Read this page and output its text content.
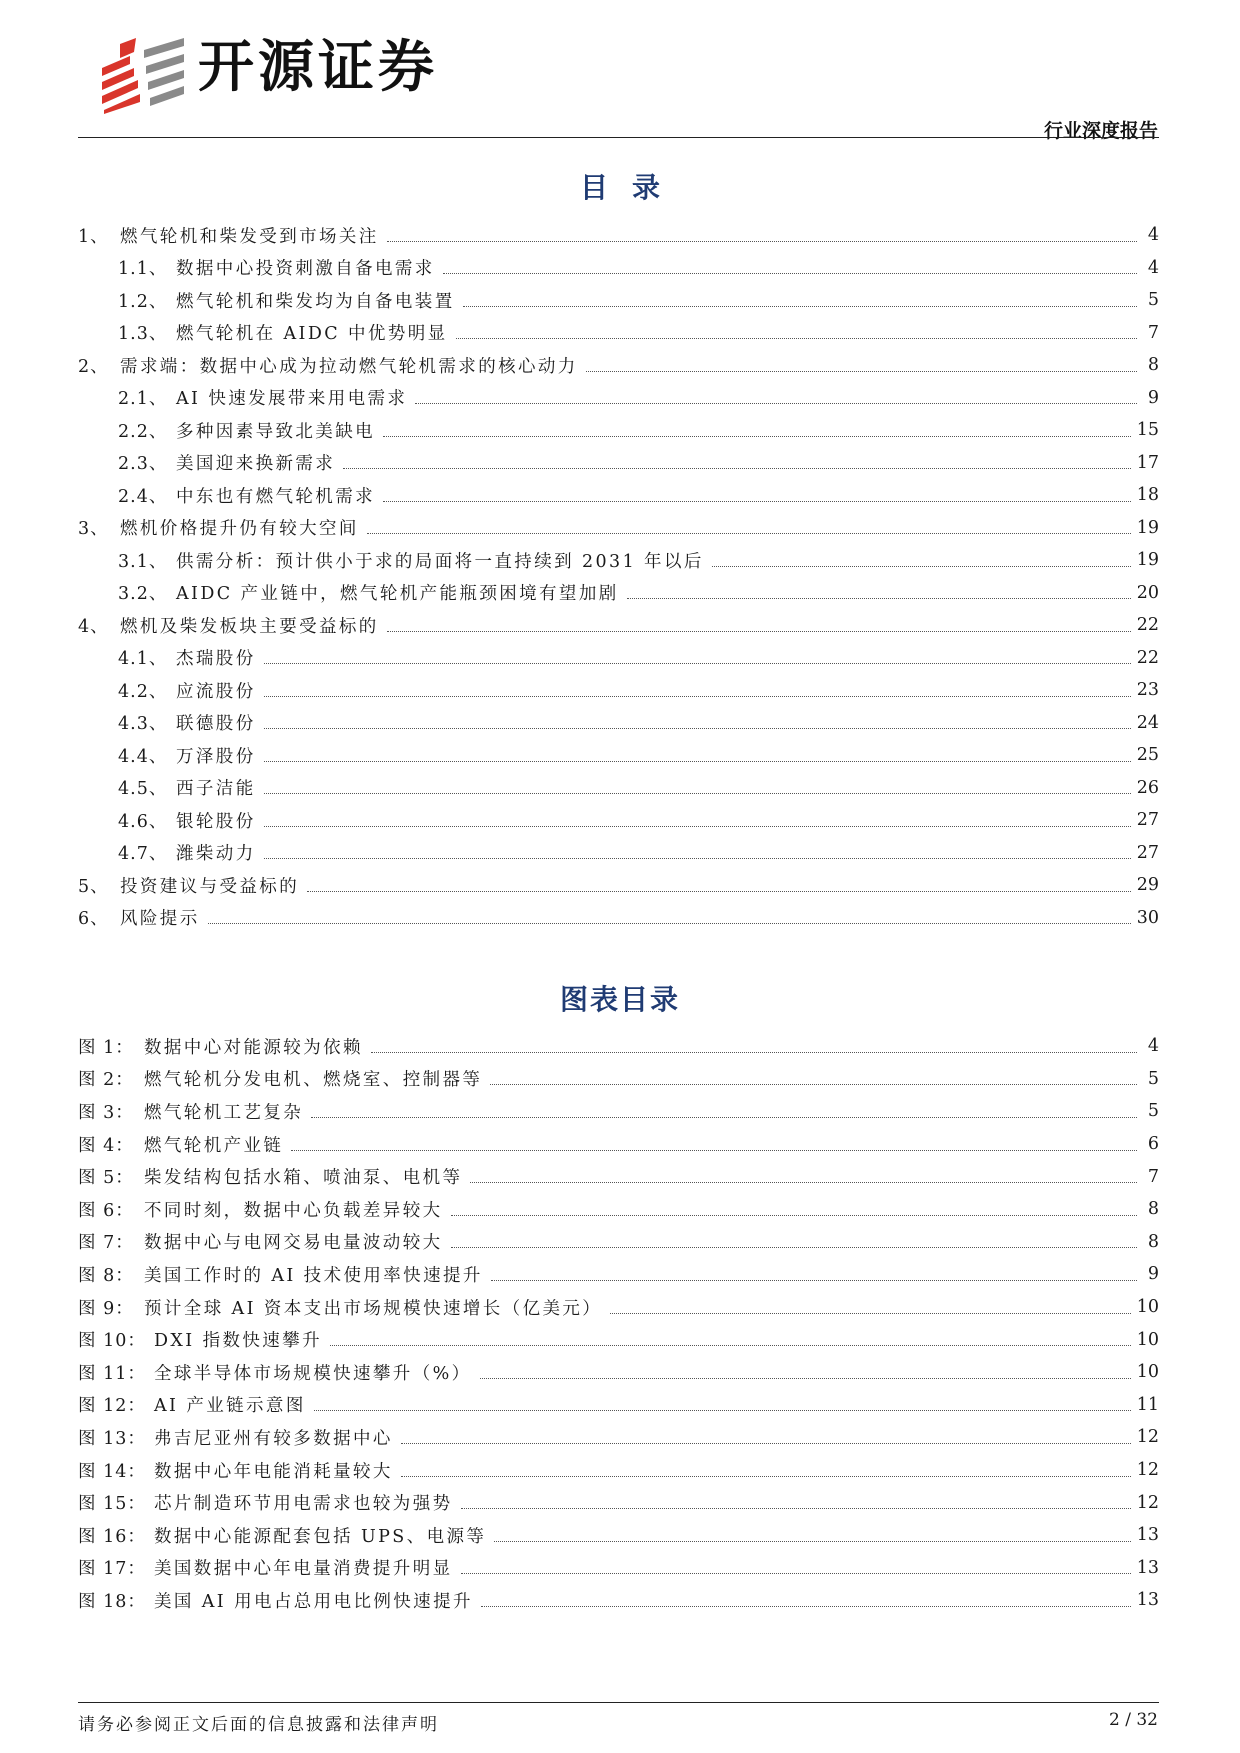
开源证券
行业深度报告
目录
1、 燃气轮机和柴发受到市场关注	4
1.1、 数据中心投资刺激自备电需求	4
1.2、 燃气轮机和柴发均为自备电装置	5
1.3、 燃气轮机在 AIDC 中优势明显	7
2、 需求端：数据中心成为拉动燃气轮机需求的核心动力	8
2.1、 AI 快速发展带来用电需求	9
2.2、 多种因素导致北美缺电	15
2.3、 美国迎来换新需求	17
2.4、 中东也有燃气轮机需求	18
3、 燃机价格提升仍有较大空间	19
3.1、 供需分析：预计供小于求的局面将一直持续到 2031 年以后	19
3.2、 AIDC 产业链中，燃气轮机产能瓶颈困境有望加剧	20
4、 燃机及柴发板块主要受益标的	22
4.1、 杰瑞股份	22
4.2、 应流股份	23
4.3、 联德股份	24
4.4、 万泽股份	25
4.5、 西子洁能	26
4.6、 银轮股份	27
4.7、 潍柴动力	27
5、 投资建议与受益标的	29
6、 风险提示	30
图表目录
图 1： 数据中心对能源较为依赖	4
图 2： 燃气轮机分发电机、燃烧室、控制器等	5
图 3： 燃气轮机工艺复杂	5
图 4： 燃气轮机产业链	6
图 5： 柴发结构包括水箱、喷油泵、电机等	7
图 6： 不同时刻，数据中心负载差异较大	8
图 7： 数据中心与电网交易电量波动较大	8
图 8： 美国工作时的 AI 技术使用率快速提升	9
图 9： 预计全球 AI 资本支出市场规模快速增长（亿美元）	10
图 10： DXI 指数快速攀升	10
图 11： 全球半导体市场规模快速攀升（%）	10
图 12： AI 产业链示意图	11
图 13： 弗吉尼亚州有较多数据中心	12
图 14： 数据中心年电能消耗量较大	12
图 15： 芯片制造环节用电需求也较为强势	12
图 16： 数据中心能源配套包括 UPS、电源等	13
图 17： 美国数据中心年电量消费提升明显	13
图 18： 美国 AI 用电占总用电比例快速提升	13
请务必参阅正文后面的信息披露和法律声明	2 / 32
